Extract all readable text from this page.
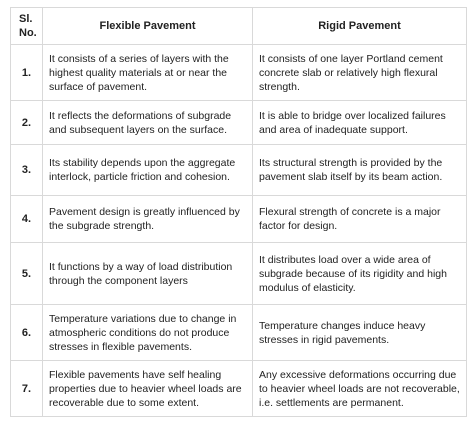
Sl.
No.	Flexible Pavement	Rigid Pavement
1.	It consists of a series of layers with the highest quality materials at or near the surface of pavement.	It consists of one layer Portland cement concrete slab or relatively high flexural strength.
2.	It reflects the deformations of subgrade and subsequent layers on the surface.	It is able to bridge over localized failures and area of inadequate support.
3.	Its stability depends upon the aggregate interlock, particle friction and cohesion.	Its structural strength is provided by the pavement slab itself by its beam action.
4.	Pavement design is greatly influenced by the subgrade strength.	Flexural strength of concrete is a major factor for design.
5.	It functions by a way of load distribution through the component layers	It distributes load over a wide area of subgrade because of its rigidity and high modulus of elasticity.
6.	Temperature variations due to change in atmospheric conditions do not produce stresses in flexible pavements.	Temperature changes induce heavy stresses in rigid pavements.
7.	Flexible pavements have self healing properties due to heavier wheel loads are recoverable due to some extent.	Any excessive deformations occurring due to heavier wheel loads are not recoverable, i.e. settlements are permanent.
